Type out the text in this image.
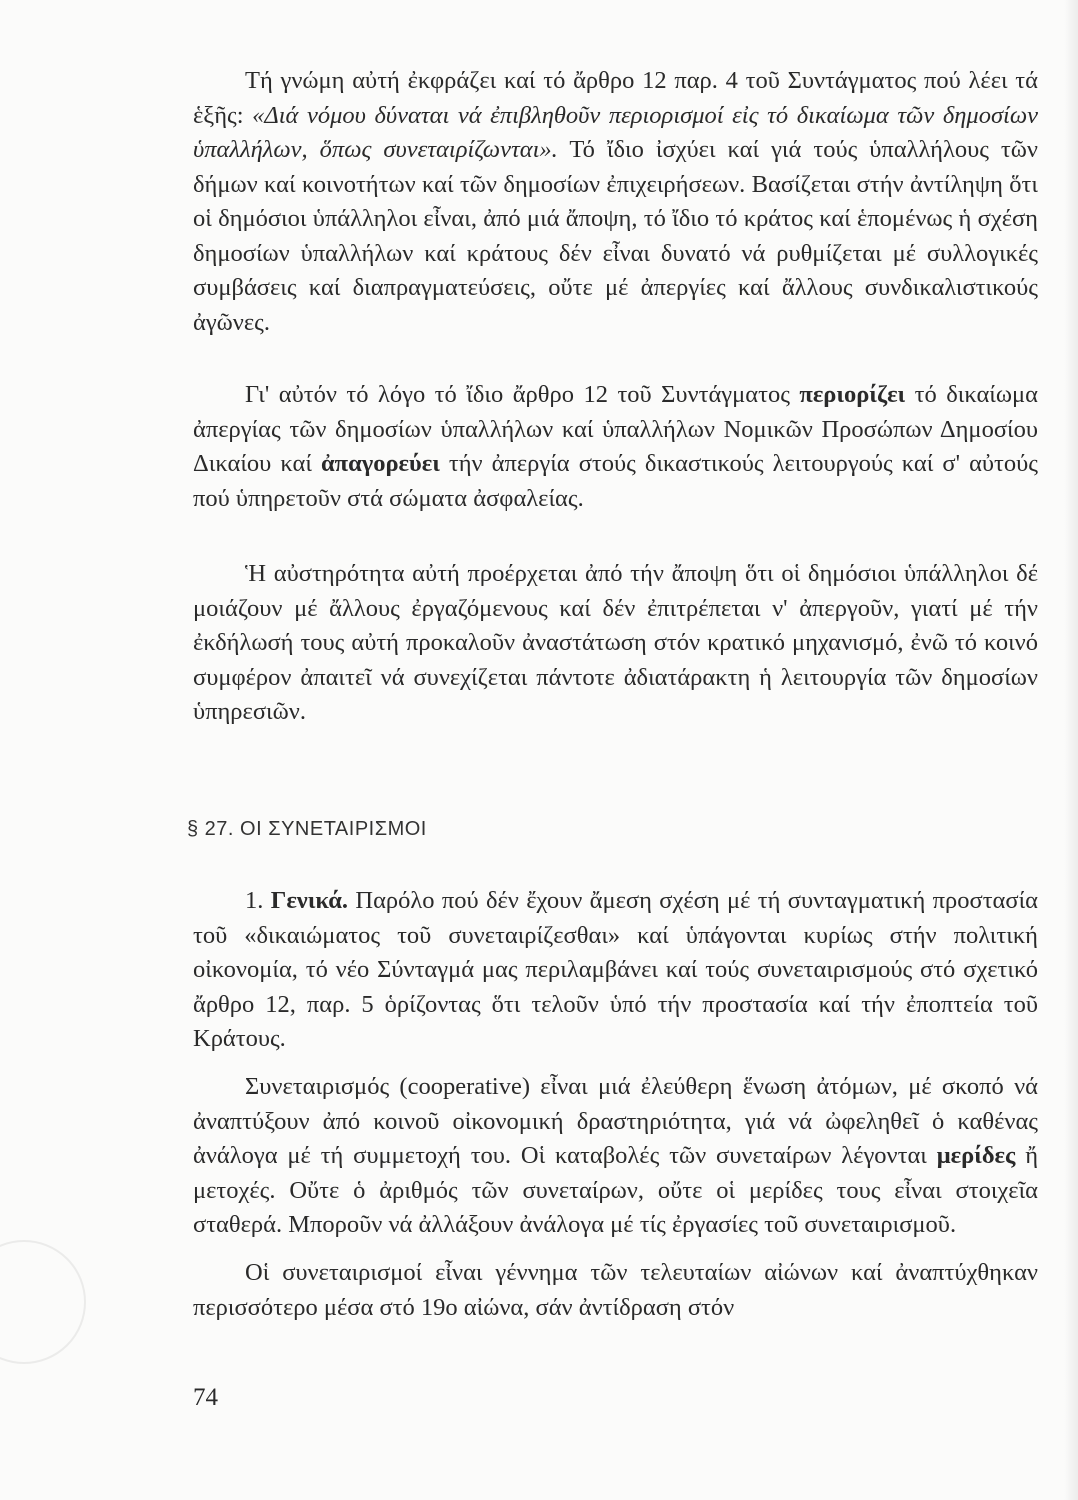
Τή γνώμη αὐτή ἐκφράζει καί τό ἄρθρο 12 παρ. 4 τοῦ Συντάγματος πού λέει τά ἑξῆς: «Διά νόμου δύναται νά ἐπιβληθοῦν περιορισμοί εἰς τό δικαίωμα τῶν δημοσίων ὑπαλλήλων, ὅπως συνεταιρίζωνται». Τό ἴδιο ἰσχύει καί γιά τούς ὑπαλλήλους τῶν δήμων καί κοινοτήτων καί τῶν δημοσίων ἐπιχειρήσεων. Βασίζεται στήν ἀντίληψη ὅτι οἱ δημόσιοι ὑπάλληλοι εἶναι, ἀπό μιά ἄποψη, τό ἴδιο τό κράτος καί ἑπομένως ἡ σχέση δημοσίων ὑπαλλήλων καί κράτους δέν εἶναι δυνατό νά ρυθμίζεται μέ συλλογικές συμβάσεις καί διαπραγματεύσεις, οὔτε μέ ἀπεργίες καί ἄλλους συνδικαλιστικούς ἀγῶνες.

Γι' αὐτόν τό λόγο τό ἴδιο ἄρθρο 12 τοῦ Συντάγματος περιορίζει τό δικαίωμα ἀπεργίας τῶν δημοσίων ὑπαλλήλων καί ὑπαλλήλων Νομικῶν Προσώπων Δημοσίου Δικαίου καί ἀπαγορεύει τήν ἀπεργία στούς δικαστικούς λειτουργούς καί σ' αὐτούς πού ὑπηρετοῦν στά σώματα ἀσφαλείας.

Ἡ αὐστηρότητα αὐτή προέρχεται ἀπό τήν ἄποψη ὅτι οἱ δημόσιοι ὑπάλληλοι δέ μοιάζουν μέ ἄλλους ἐργαζόμενους καί δέν ἐπιτρέπεται ν' ἀπεργοῦν, γιατί μέ τήν ἐκδήλωσή τους αὐτή προκαλοῦν ἀναστάτωση στόν κρατικό μηχανισμό, ἐνῶ τό κοινό συμφέρον ἀπαιτεῖ νά συνεχίζεται πάντοτε ἀδιατάρακτη ἡ λειτουργία τῶν δημοσίων ὑπηρεσιῶν.

§ 27. ΟΙ ΣΥΝΕΤΑΙΡΙΣΜΟΙ

1. Γενικά. Παρόλο πού δέν ἔχουν ἄμεση σχέση μέ τή συνταγματική προστασία τοῦ «δικαιώματος τοῦ συνεταιρίζεσθαι» καί ὑπάγονται κυρίως στήν πολιτική οἰκονομία, τό νέο Σύνταγμά μας περιλαμβάνει καί τούς συνεταιρισμούς στό σχετικό ἄρθρο 12, παρ. 5 ὁρίζοντας ὅτι τελοῦν ὑπό τήν προστασία καί τήν ἐποπτεία τοῦ Κράτους.

Συνεταιρισμός (cooperative) εἶναι μιά ἐλεύθερη ἕνωση ἀτόμων, μέ σκοπό νά ἀναπτύξουν ἀπό κοινοῦ οἰκονομική δραστηριότητα, γιά νά ὠφεληθεῖ ὁ καθένας ἀνάλογα μέ τή συμμετοχή του. Οἱ καταβολές τῶν συνεταίρων λέγονται μερίδες ἤ μετοχές. Οὔτε ὁ ἀριθμός τῶν συνεταίρων, οὔτε οἱ μερίδες τους εἶναι στοιχεῖα σταθερά. Μποροῦν νά ἀλλάξουν ἀνάλογα μέ τίς ἐργασίες τοῦ συνεταιρισμοῦ.

Οἱ συνεταιρισμοί εἶναι γέννημα τῶν τελευταίων αἰώνων καί ἀναπτύχθηκαν περισσότερο μέσα στό 19ο αἰώνα, σάν ἀντίδραση στόν

74
